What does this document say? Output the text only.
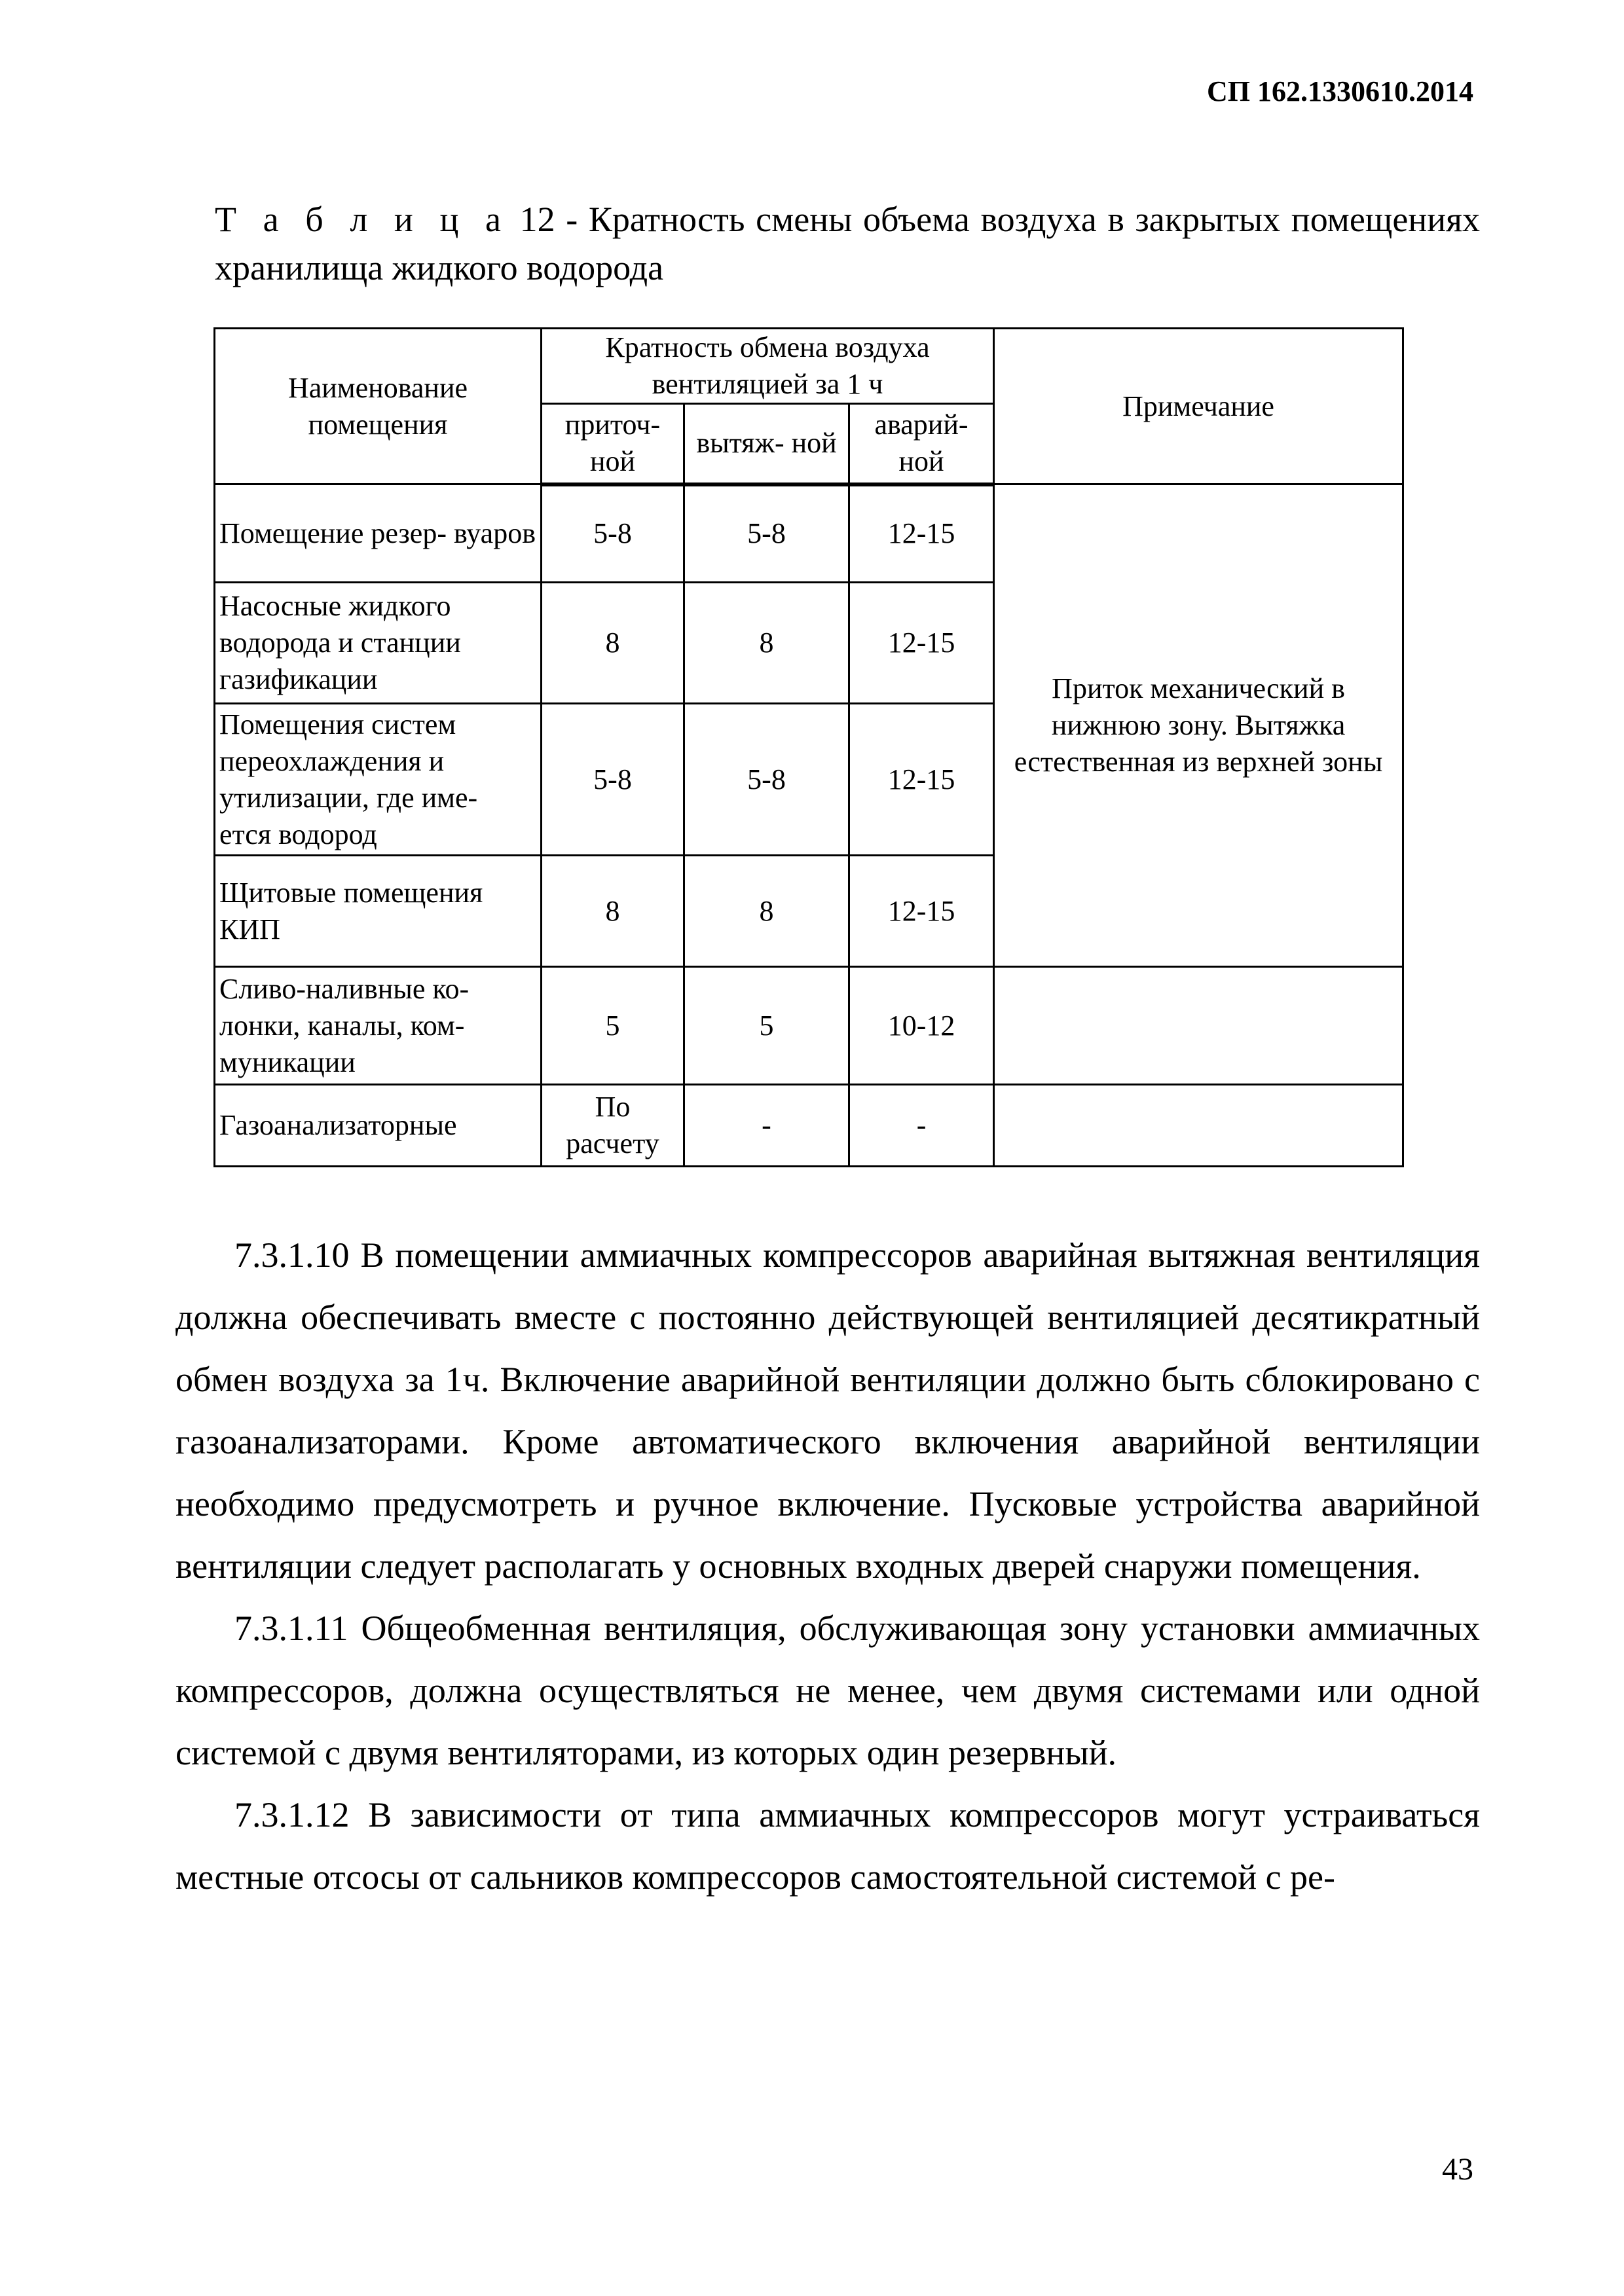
СП 162.1330610.2014
Т а б л и ц а 12 - Кратность смены объема воздуха в закрытых помещениях
хранилища жидкого водорода
Наименование помещения	Кратность обмена воздуха вентиляцией за 1 ч			Примечание
	приточ- ной	вытяж- ной	аварий- ной	
Помещение резер- вуаров	5-8	5-8	12-15	Приток механический в нижнюю зону. Вытяжка естественная из верхней зоны
Насосные жидкого водорода и станции газификации	8	8	12-15	
Помещения систем переохлаждения и утилизации, где име- ется водород	5-8	5-8	12-15	
Щитовые помещения КИП	8	8	12-15	
Сливо-наливные ко- лонки, каналы, ком- муникации	5	5	10-12	
Газоанализаторные	По расчету	-	-	

7.3.1.10 В помещении аммиачных компрессоров аварийная вытяжная вентиляция должна обеспечивать вместе с постоянно действующей вентиляцией десятикратный обмен воздуха за 1ч. Включение аварийной вентиляции должно быть сблокировано с газоанализаторами. Кроме автоматического включения аварийной вентиляции необходимо предусмотреть и ручное включение. Пусковые устройства аварийной вентиляции следует располагать у основных входных дверей снаружи помещения.

7.3.1.11 Общеобменная вентиляция, обслуживающая зону установки аммиачных компрессоров, должна осуществляться не менее, чем двумя системами или одной системой с двумя вентиляторами, из которых один резервный.

7.3.1.12 В зависимости от типа аммиачных компрессоров могут устраиваться местные отсосы от сальников компрессоров самостоятельной системой с ре-

43
